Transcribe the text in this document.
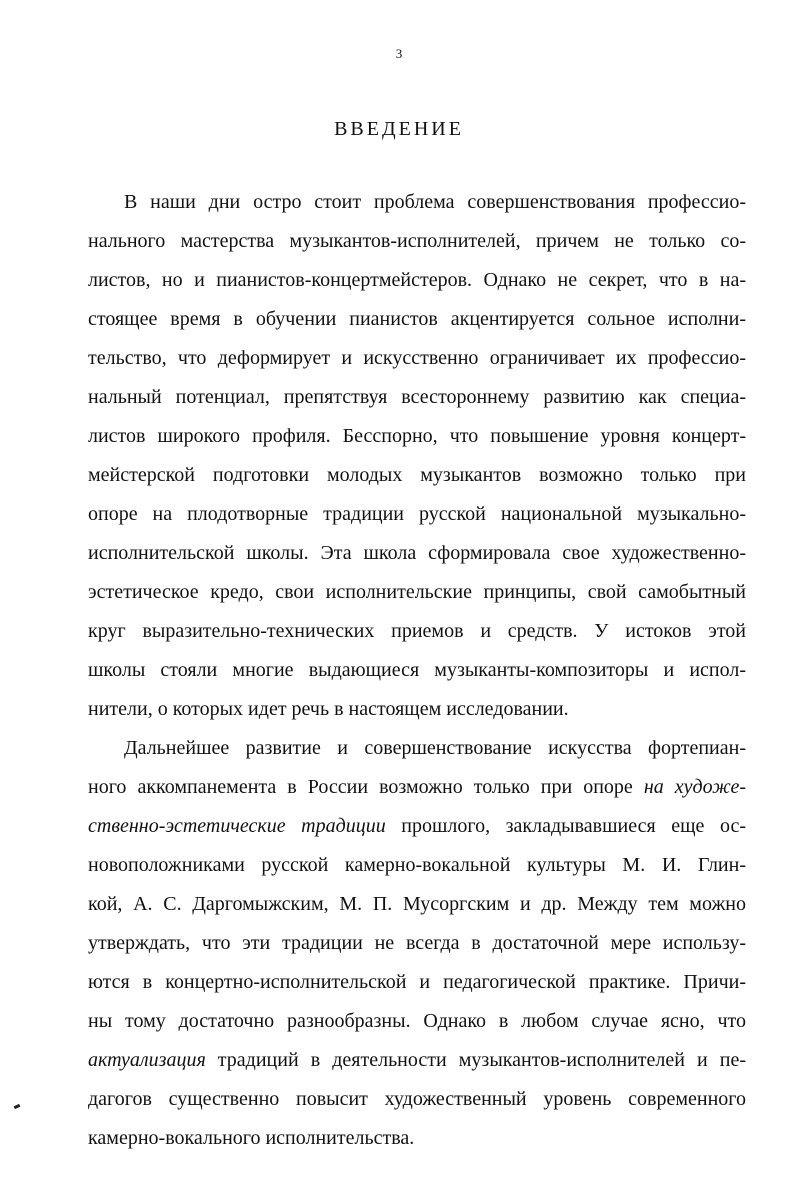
3
ВВЕДЕНИЕ
В наши дни остро стоит проблема совершенствования профессио-
нального мастерства музыкантов-исполнителей, причем не только со-
листов, но и пианистов-концертмейстеров. Однако не секрет, что в на-
стоящее время в обучении пианистов акцентируется сольное исполни-
тельство, что деформирует и искусственно ограничивает их профессио-
нальный потенциал, препятствуя всестороннему развитию как специа-
листов широкого профиля. Бесспорно, что повышение уровня концерт-
мейстерской подготовки молодых музыкантов возможно только при
опоре на плодотворные традиции русской национальной музыкально-
исполнительской школы. Эта школа сформировала свое художественно-
эстетическое кредо, свои исполнительские принципы, свой самобытный
круг выразительно-технических приемов и средств. У истоков этой
школы стояли многие выдающиеся музыканты-композиторы и испол-
нители, о которых идет речь в настоящем исследовании.
Дальнейшее развитие и совершенствование искусства фортепиан-
ного аккомпанемента в России возможно только при опоре на художе-
ственно-эстетические традиции прошлого, закладывавшиеся еще ос-
новоположниками русской камерно-вокальной культуры М. И. Глин-
кой, А. С. Даргомыжским, М. П. Мусоргским и др. Между тем можно
утверждать, что эти традиции не всегда в достаточной мере использу-
ются в концертно-исполнительской и педагогической практике. Причи-
ны тому достаточно разнообразны. Однако в любом случае ясно, что
актуализация традиций в деятельности музыкантов-исполнителей и пе-
дагогов существенно повысит художественный уровень современного
камерно-вокального исполнительства.
